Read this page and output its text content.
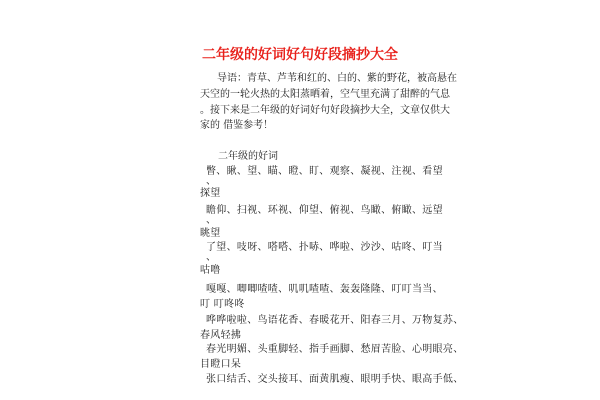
二年级的好词好句好段摘抄大全
导语：青草、芦苇和红的、白的、紫的野花，被高悬在
天空的一轮火热的太阳蒸晒着，空气里充满了甜醉的气息
。接下来是二年级的好词好句好段摘抄大全，文章仅供大
家的 借鉴参考！
二年级的好词
瞥、瞅、望、瞄、瞪、盯、观察、凝视、注视、看望
、
探望
瞻仰、扫视、环视、仰望、俯视、鸟瞰、俯瞰、远望
、
眺望
了望、吱呀、嗒嗒、扑哧、哗啦、沙沙、咕咚、叮当
、
咕噜
嘎嘎、唧唧喳喳、叽叽喳喳、轰轰隆隆、叮叮当当、
叮 叮咚咚
哗哗啦啦、鸟语花香、春暖花开、阳春三月、万物复苏、
春风轻拂
春光明媚、头重脚轻、指手画脚、愁眉苦脸、心明眼亮、
目瞪口呆
张口结舌、交头接耳、面黄肌瘦、眼明手快、眼高手低、
